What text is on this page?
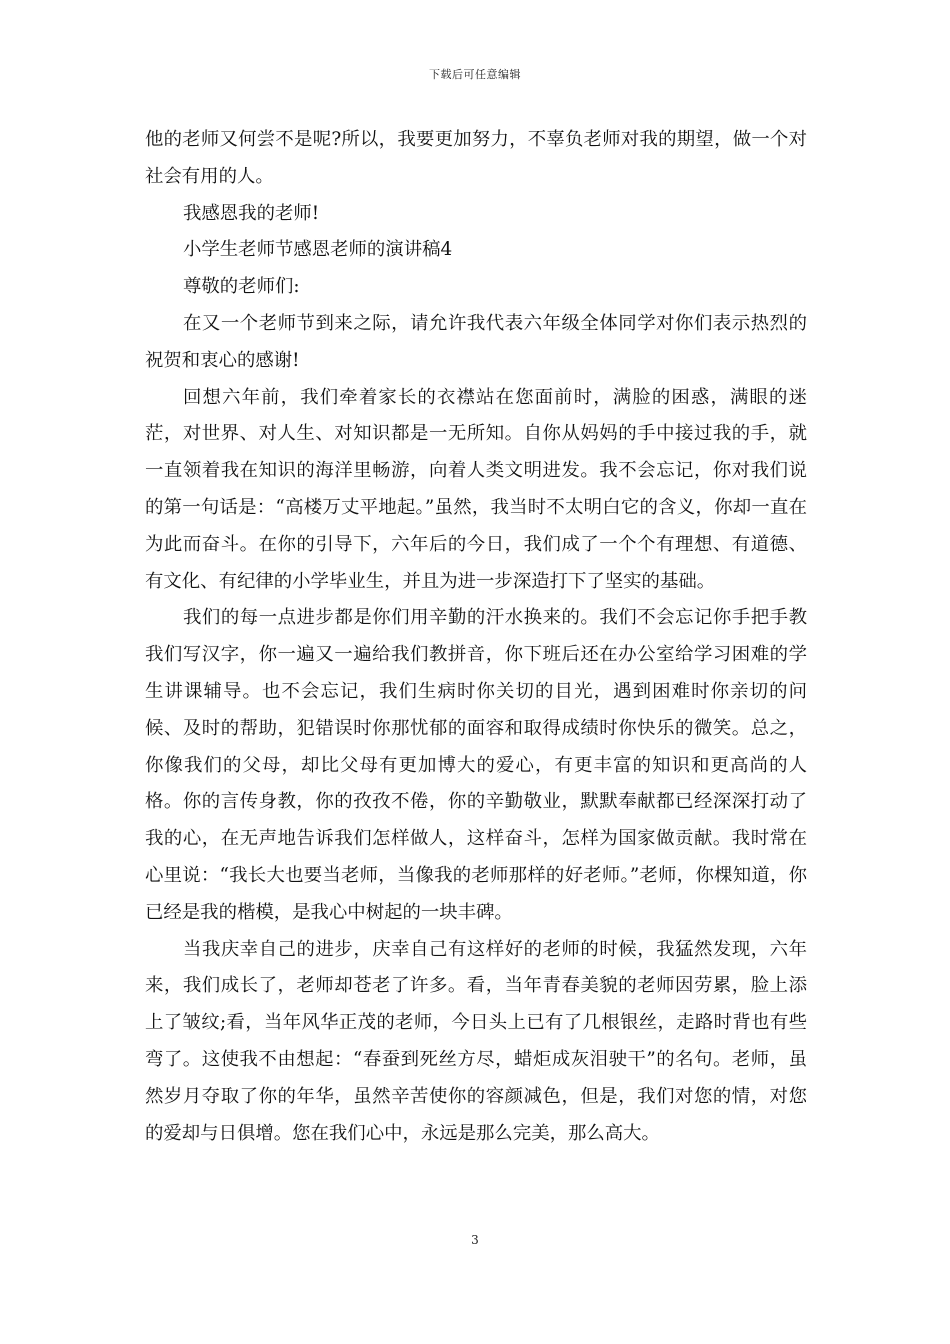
下载后可任意编辑

他的老师又何尝不是呢?所以，我要更加努力，不辜负老师对我的期望，做一个对社会有用的人。

我感恩我的老师!

小学生老师节感恩老师的演讲稿4

尊敬的老师们:

在又一个老师节到来之际，请允许我代表六年级全体同学对你们表示热烈的祝贺和衷心的感谢!

回想六年前，我们牵着家长的衣襟站在您面前时，满脸的困惑，满眼的迷茫，对世界、对人生、对知识都是一无所知。自你从妈妈的手中接过我的手，就一直领着我在知识的海洋里畅游，向着人类文明进发。我不会忘记，你对我们说的第一句话是：“高楼万丈平地起。”虽然，我当时不太明白它的含义，你却一直在为此而奋斗。在你的引导下，六年后的今日，我们成了一个个有理想、有道德、有文化、有纪律的小学毕业生，并且为进一步深造打下了坚实的基础。

我们的每一点进步都是你们用辛勤的汗水换来的。我们不会忘记你手把手教我们写汉字，你一遍又一遍给我们教拼音，你下班后还在办公室给学习困难的学生讲课辅导。也不会忘记，我们生病时你关切的目光，遇到困难时你亲切的问候、及时的帮助，犯错误时你那忧郁的面容和取得成绩时你快乐的微笑。总之，你像我们的父母，却比父母有更加博大的爱心，有更丰富的知识和更高尚的人格。你的言传身教，你的孜孜不倦，你的辛勤敬业，默默奉献都已经深深打动了我的心，在无声地告诉我们怎样做人，这样奋斗，怎样为国家做贡献。我时常在心里说：“我长大也要当老师，当像我的老师那样的好老师。”老师，你棵知道，你已经是我的楷模，是我心中树起的一块丰碑。

当我庆幸自己的进步，庆幸自己有这样好的老师的时候，我猛然发现，六年来，我们成长了，老师却苍老了许多。看，当年青春美貌的老师因劳累，脸上添上了皱纹;看，当年风华正茂的老师，今日头上已有了几根银丝，走路时背也有些弯了。这使我不由想起：“春蚕到死丝方尽，蜡炬成灰泪驶干”的名句。老师，虽然岁月夺取了你的年华，虽然辛苦使你的容颜减色，但是，我们对您的情，对您的爱却与日俱增。您在我们心中，永远是那么完美，那么高大。

3
